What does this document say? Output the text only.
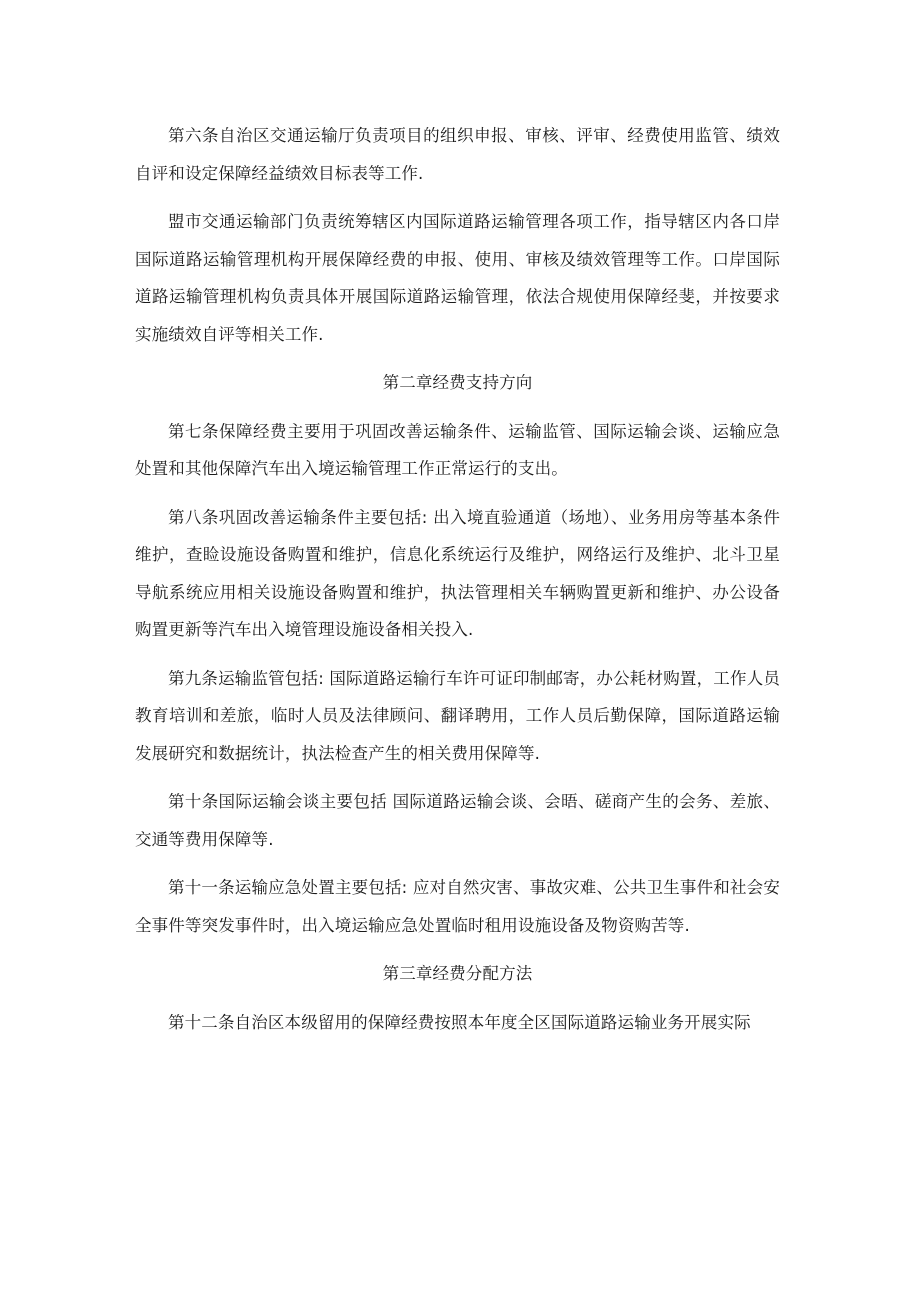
第六条自治区交通运输厅负责项目的组织申报、审核、评审、经费使用监管、绩效自评和设定保障经益绩效目标表等工作.

盟市交通运输部门负责统筹辖区内国际道路运输管理各项工作，指导辖区内各口岸国际道路运输管理机构开展保障经费的申报、使用、审核及绩效管理等工作。口岸国际道路运输管理机构负责具体开展国际道路运输管理，依法合规使用保障经斐，并按要求实施绩效自评等相关工作.

第二章经费支持方向

第七条保障经费主要用于巩固改善运输条件、运输监管、国际运输会谈、运输应急处置和其他保障汽车出入境运输管理工作正常运行的支出。

第八条巩固改善运输条件主要包括: 出入境直验通道（场地）、业务用房等基本条件维护，查睑设施设备购置和维护，信息化系统运行及维护，网络运行及维护、北斗卫星导航系统应用相关设施设备购置和维护，执法管理相关车辆购置更新和维护、办公设备购置更新等汽车出入境管理设施设备相关投入.

第九条运输监管包括: 国际道路运输行车许可证印制邮寄，办公耗材购置，工作人员教育培训和差旅，临时人员及法律顾问、翻译聘用，工作人员后勤保障，国际道路运输发展研究和数据统计，执法检查产生的相关费用保障等.

第十条国际运输会谈主要包括 国际道路运输会谈、会晤、磋商产生的会务、差旅、交通等费用保障等.

第十一条运输应急处置主要包括: 应对自然灾害、事故灾难、公共卫生事件和社会安全事件等突发事件时，出入境运输应急处置临时租用设施设备及物资购苦等.

第三章经费分配方法

第十二条自治区本级留用的保障经费按照本年度全区国际道路运输业务开展实际
